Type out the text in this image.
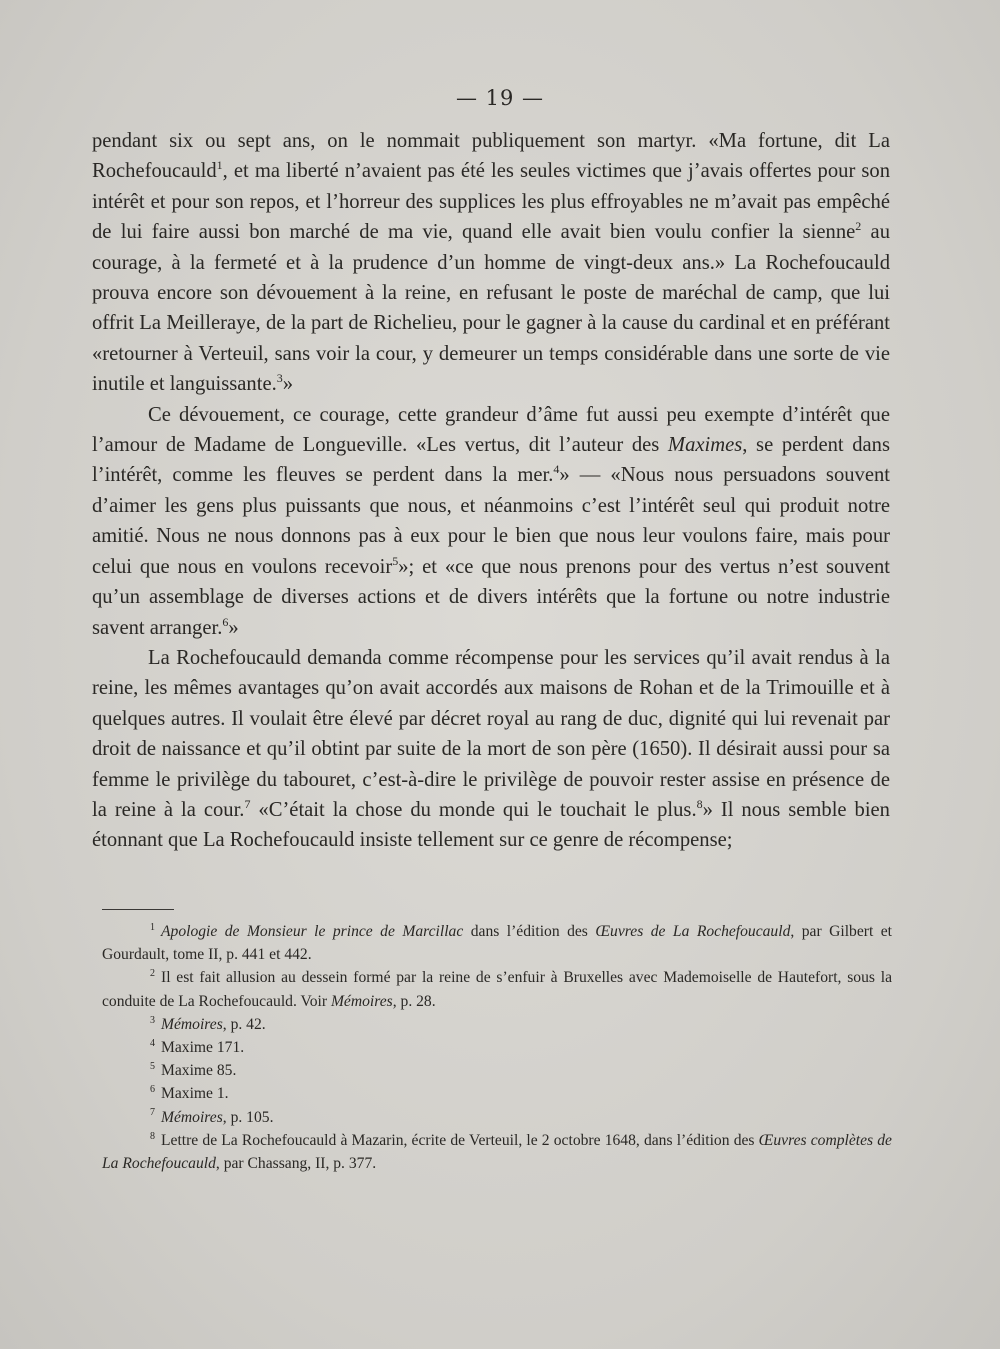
— 19 —

pendant six ou sept ans, on le nommait publiquement son martyr. «Ma fortune, dit La Rochefoucauld$^1$, et ma liberté n’avaient pas été les seules victimes que j’avais offertes pour son intérêt et pour son repos, et l’horreur des supplices les plus effroyables ne m’avait pas empêché de lui faire aussi bon marché de ma vie, quand elle avait bien voulu confier la sienne$^2$ au courage, à la fermeté et à la prudence d’un homme de vingt-deux ans.» La Rochefoucauld prouva encore son dévouement à la reine, en refusant le poste de maréchal de camp, que lui offrit La Meilleraye, de la part de Richelieu, pour le gagner à la cause du cardinal et en préférant «retourner à Verteuil, sans voir la cour, y demeurer un temps considérable dans une sorte de vie inutile et languissante.$^3$»

Ce dévouement, ce courage, cette grandeur d’âme fut aussi peu exempte d’intérêt que l’amour de Madame de Longueville. «Les vertus, dit l’auteur des Maximes, se perdent dans l’intérêt, comme les fleuves se perdent dans la mer.$^4$» — «Nous nous persuadons souvent d’aimer les gens plus puissants que nous, et néanmoins c’est l’intérêt seul qui produit notre amitié. Nous ne nous donnons pas à eux pour le bien que nous leur voulons faire, mais pour celui que nous en voulons recevoir$^5$»; et «ce que nous prenons pour des vertus n’est souvent qu’un assemblage de diverses actions et de divers intérêts que la fortune ou notre industrie savent arranger.$^6$»

La Rochefoucauld demanda comme récompense pour les services qu’il avait rendus à la reine, les mêmes avantages qu’on avait accordés aux maisons de Rohan et de la Trimouille et à quelques autres. Il voulait être élevé par décret royal au rang de duc, dignité qui lui revenait par droit de naissance et qu’il obtint par suite de la mort de son père (1650). Il désirait aussi pour sa femme le privilège du tabouret, c’est-à-dire le privilège de pouvoir rester assise en présence de la reine à la cour.$^7$ «C’était la chose du monde qui le touchait le plus.$^8$» Il nous semble bien étonnant que La Rochefoucauld insiste tellement sur ce genre de récompense;

$^1$ Apologie de Monsieur le prince de Marcillac dans l’édition des Œuvres de La Rochefoucauld, par Gilbert et Gourdault, tome II, p. 441 et 442.
$^2$ Il est fait allusion au dessein formé par la reine de s’enfuir à Bruxelles avec Mademoiselle de Hautefort, sous la conduite de La Rochefoucauld. Voir Mémoires, p. 28.
$^3$ Mémoires, p. 42.
$^4$ Maxime 171.
$^5$ Maxime 85.
$^6$ Maxime 1.
$^7$ Mémoires, p. 105.
$^8$ Lettre de La Rochefoucauld à Mazarin, écrite de Verteuil, le 2 octobre 1648, dans l’édition des Œuvres complètes de La Rochefoucauld, par Chassang, II, p. 377.
